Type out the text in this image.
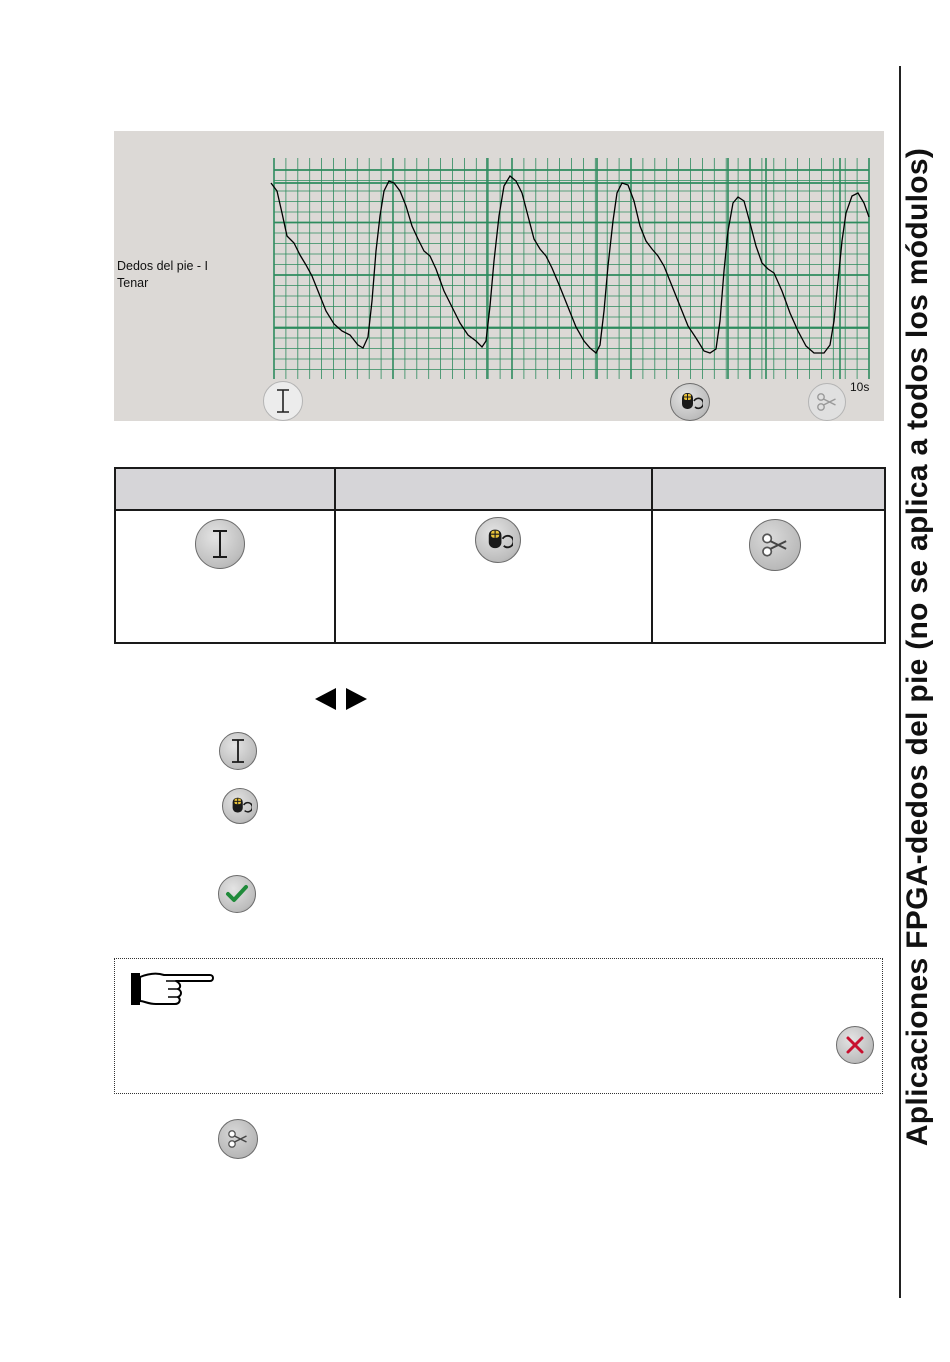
Dedos del pie - I
Tenar
10s

	Aplicaciones FPGA-dedos del pie (no se aplica a todos los módulos)
